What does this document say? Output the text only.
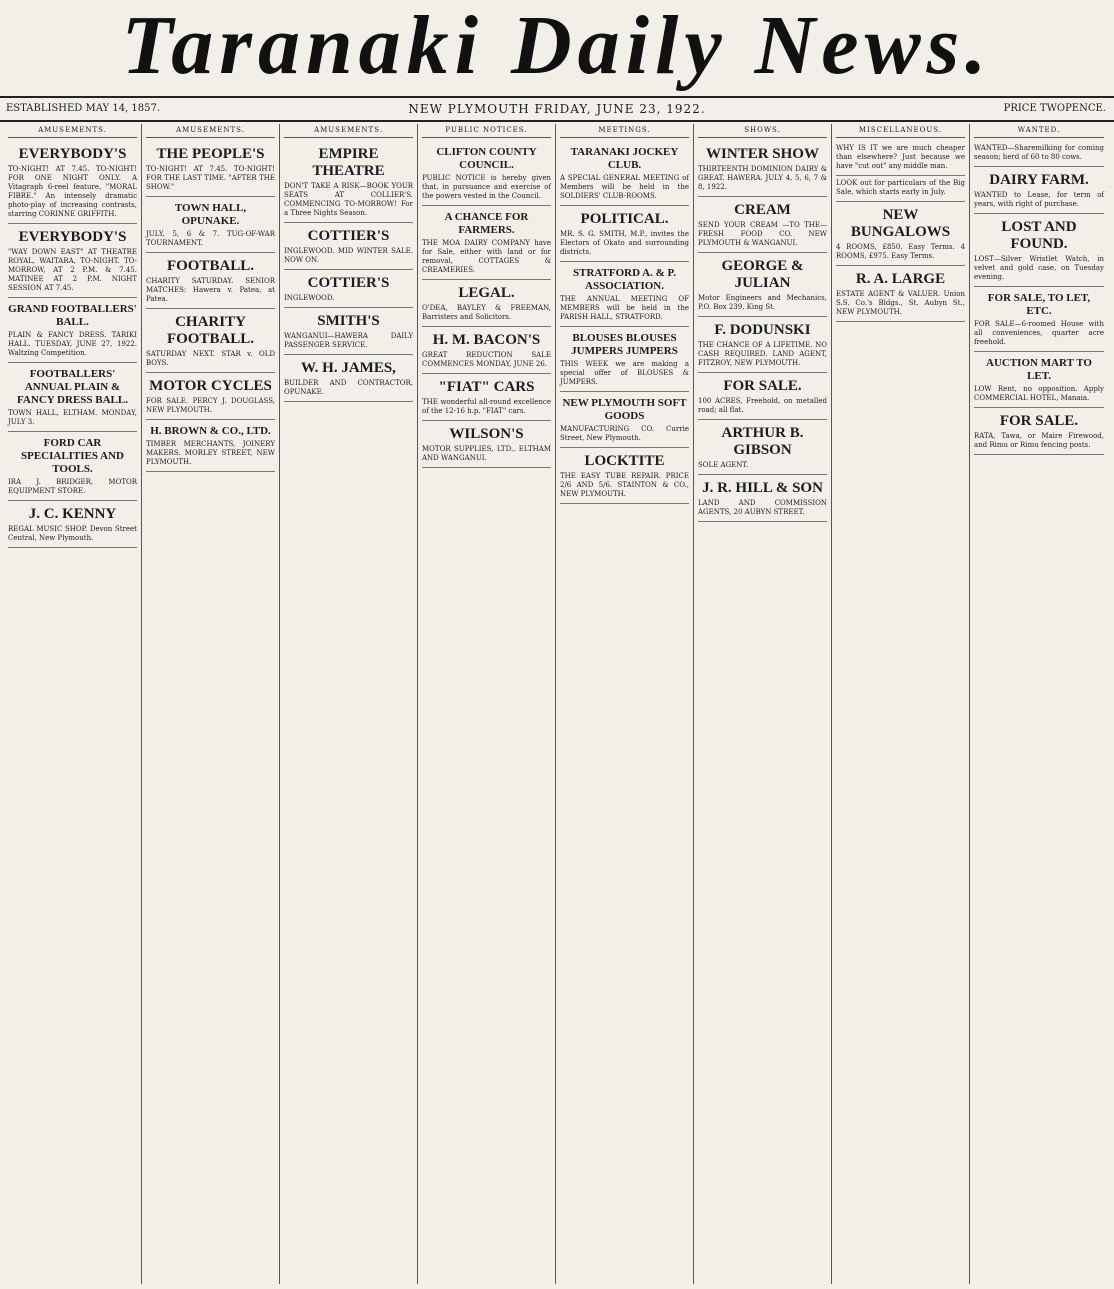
Taranaki Daily News.
ESTABLISHED MAY 14, 1857.	NEW PLYMOUTH FRIDAY, JUNE 23, 1922.	PRICE TWOPENCE.
AMUSEMENTS.
EVERYBODY'S
TO-NIGHT! AT 7.45. TO-NIGHT! FOR ONE NIGHT ONLY. A Vitagraph 6-reel feature, "MORAL FIBRE." An intensely dramatic photo-play of increasing contrasts, starring CORINNE GRIFFITH.
EVERYBODY'S
"WAY DOWN EAST" AT THEATRE ROYAL, WAITARA, TO-NIGHT. TO-MORROW, AT 2 P.M. & 7.45. MATINEE AT 2 P.M. NIGHT SESSION AT 7.45.
GRAND FOOTBALLERS' BALL.
PLAIN & FANCY DRESS. TARIKI HALL. TUESDAY, JUNE 27, 1922. Waltzing Competition.
FOOTBALLERS' ANNUAL PLAIN & FANCY DRESS BALL.
TOWN HALL, ELTHAM. MONDAY, JULY 3.
FORD CAR SPECIALITIES AND TOOLS.
IRA J. BRIDGER, MOTOR EQUIPMENT STORE.
J. C. KENNY
REGAL MUSIC SHOP. Devon Street Central, New Plymouth.
AMUSEMENTS.
THE PEOPLE'S
TO-NIGHT! AT 7.45. TO-NIGHT! FOR THE LAST TIME. "AFTER THE SHOW."
TOWN HALL, OPUNAKE.
JULY, 5, 6 & 7. TUG-OF-WAR TOURNAMENT.
FOOTBALL.
CHARITY SATURDAY. SENIOR MATCHES: Hawera v. Patea, at Patea.
CHARITY FOOTBALL.
SATURDAY NEXT. STAR v. OLD BOYS.
MOTOR CYCLES
FOR SALE. PERCY J. DOUGLASS, NEW PLYMOUTH.
H. BROWN & CO., LTD.
TIMBER MERCHANTS, JOINERY MAKERS. MORLEY STREET, NEW PLYMOUTH.
AMUSEMENTS.
EMPIRE THEATRE
DON'T TAKE A RISK—BOOK YOUR SEATS AT COLLIER'S. COMMENCING TO-MORROW! For a Three Nights Season.
COTTIER'S
INGLEWOOD. MID WINTER SALE. NOW ON.
COTTIER'S
INGLEWOOD.
SMITH'S
WANGANUI—HAWERA DAILY PASSENGER SERVICE.
W. H. JAMES,
BUILDER AND CONTRACTOR, OPUNAKE.
PUBLIC NOTICES.
CLIFTON COUNTY COUNCIL.
PUBLIC NOTICE is hereby given that, in pursuance and exercise of the powers vested in the Council.
A CHANCE FOR FARMERS.
THE MOA DAIRY COMPANY have for Sale, either with land or for removal, COTTAGES & CREAMERIES.
LEGAL.
O'DEA, BAYLEY & FREEMAN, Barristers and Solicitors.
H. M. BACON'S
GREAT REDUCTION SALE COMMENCES MONDAY, JUNE 26.
"FIAT" CARS
THE wonderful all-round excellence of the 12-16 h.p. "FIAT" cars.
WILSON'S
MOTOR SUPPLIES, LTD., ELTHAM AND WANGANUI.
MEETINGS.
TARANAKI JOCKEY CLUB.
A SPECIAL GENERAL MEETING of Members will be held in the SOLDIERS' CLUB-ROOMS.
POLITICAL.
MR. S. G. SMITH, M.P., invites the Electors of Okato and surrounding districts.
STRATFORD A. & P. ASSOCIATION.
THE ANNUAL MEETING OF MEMBERS will be held in the PARISH HALL, STRATFORD.
BLOUSES BLOUSES JUMPERS JUMPERS
THIS WEEK we are making a special offer of BLOUSES & JUMPERS.
NEW PLYMOUTH SOFT GOODS
MANUFACTURING CO. Currie Street, New Plymouth.
LOCKTITE
THE EASY TUBE REPAIR. PRICE 2/6 AND 5/6. STAINTON & CO., NEW PLYMOUTH.
SHOWS.
WINTER SHOW
THIRTEENTH DOMINION DAIRY & GREAT. HAWERA. JULY 4, 5, 6, 7 & 8, 1922.
CREAM
SEND YOUR CREAM —TO THE— FRESH FOOD CO. NEW PLYMOUTH & WANGANUI.
GEORGE & JULIAN
Motor Engineers and Mechanics, P.O. Box 239, King St.
F. DODUNSKI
THE CHANCE OF A LIFETIME. NO CASH REQUIRED. LAND AGENT, FITZROY, NEW PLYMOUTH.
FOR SALE.
100 ACRES, Freehold, on metalled road; all flat.
ARTHUR B. GIBSON
SOLE AGENT.
J. R. HILL & SON
LAND AND COMMISSION AGENTS, 20 AUBYN STREET.
MISCELLANEOUS.
WHY IS IT we are much cheaper than elsewhere? Just because we have "cut out" any middle man.
LOOK out for particulars of the Big Sale, which starts early in July.
NEW BUNGALOWS
4 ROOMS, £850. Easy Terms. 4 ROOMS, £975. Easy Terms.
R. A. LARGE
ESTATE AGENT & VALUER. Union S.S. Co.'s Bldgs., St. Aubyn St., NEW PLYMOUTH.
WANTED.
WANTED—Sharemilking for coming season; herd of 60 to 80 cows.
DAIRY FARM.
WANTED to Lease, for term of years, with right of purchase.
LOST AND FOUND.
LOST—Silver Wristlet Watch, in velvet and gold case, on Tuesday evening.
FOR SALE, TO LET, ETC.
FOR SALE—6-roomed House with all conveniences, quarter acre freehold.
AUCTION MART TO LET.
LOW Rent, no opposition. Apply COMMERCIAL HOTEL, Manaia.
FOR SALE.
RATA, Tawa, or Maire Firewood, and Rimu or Rimu fencing posts.
